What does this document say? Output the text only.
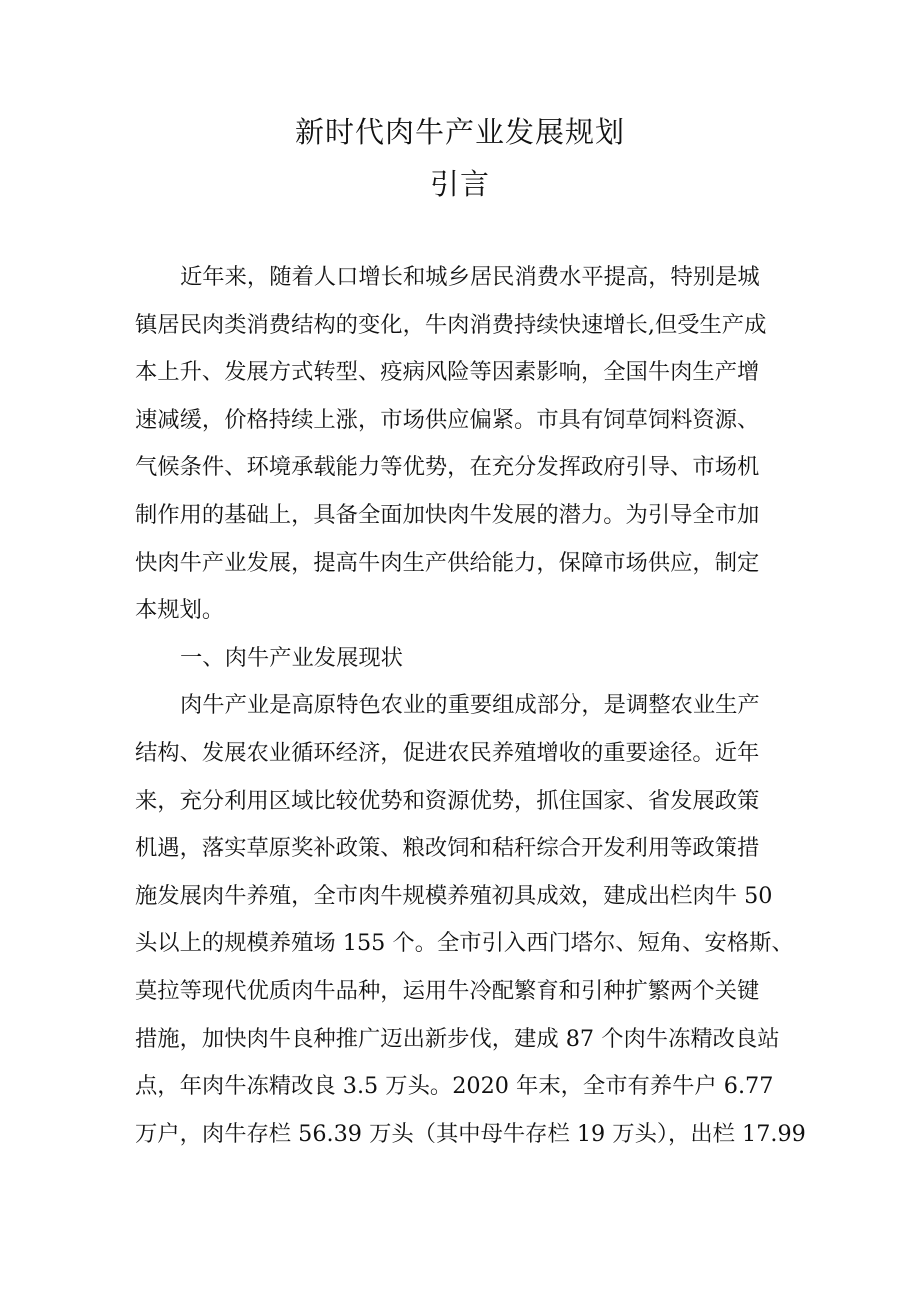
新时代肉牛产业发展规划
引言
近年来，随着人口增长和城乡居民消费水平提高，特别是城
镇居民肉类消费结构的变化，牛肉消费持续快速增长,但受生产成
本上升、发展方式转型、疫病风险等因素影响，全国牛肉生产增
速减缓，价格持续上涨，市场供应偏紧。市具有饲草饲料资源、
气候条件、环境承载能力等优势，在充分发挥政府引导、市场机
制作用的基础上，具备全面加快肉牛发展的潜力。为引导全市加
快肉牛产业发展，提高牛肉生产供给能力，保障市场供应，制定
本规划。
一、肉牛产业发展现状
肉牛产业是高原特色农业的重要组成部分，是调整农业生产
结构、发展农业循环经济，促进农民养殖增收的重要途径。近年
来，充分利用区域比较优势和资源优势，抓住国家、省发展政策
机遇，落实草原奖补政策、粮改饲和秸秆综合开发利用等政策措
施发展肉牛养殖，全市肉牛规模养殖初具成效，建成出栏肉牛 50
头以上的规模养殖场 155 个。全市引入西门塔尔、短角、安格斯、
莫拉等现代优质肉牛品种，运用牛冷配繁育和引种扩繁两个关键
措施，加快肉牛良种推广迈出新步伐，建成 87 个肉牛冻精改良站
点，年肉牛冻精改良 3.5 万头。2020 年末，全市有养牛户 6.77
万户，肉牛存栏 56.39 万头（其中母牛存栏 19 万头），出栏 17.99
